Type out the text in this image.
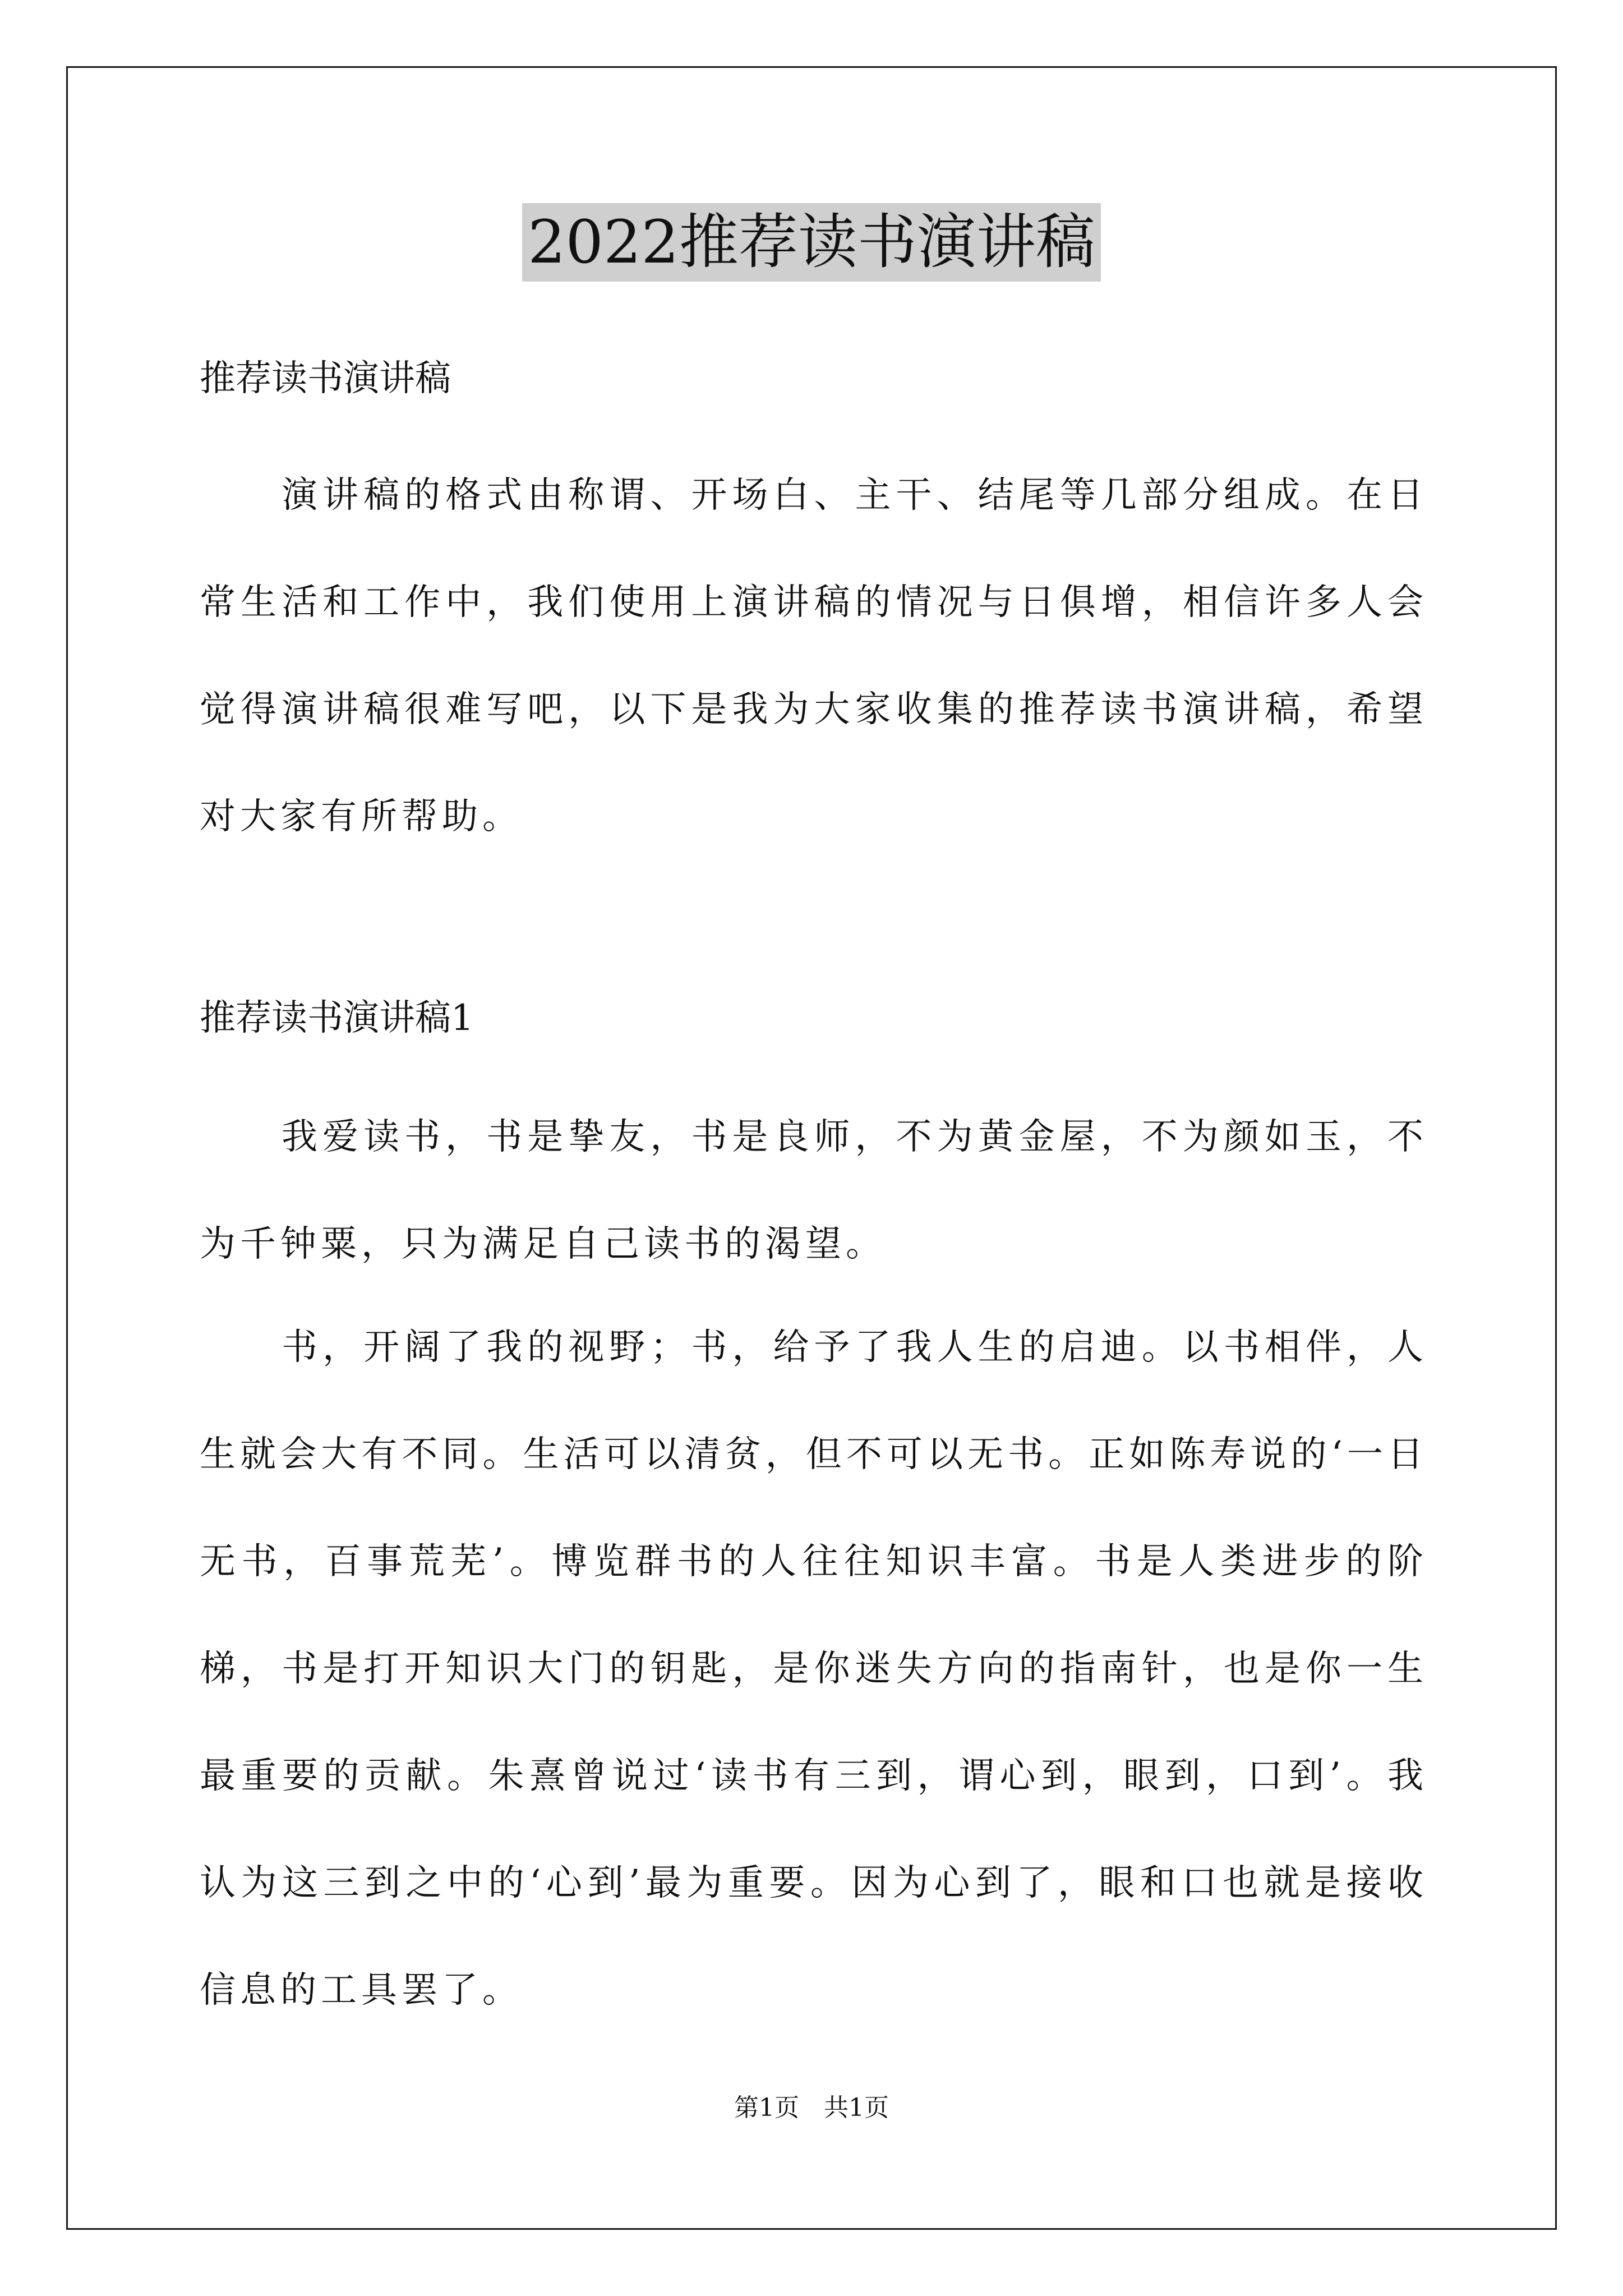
2022推荐读书演讲稿
推荐读书演讲稿
演讲稿的格式由称谓、开场白、主干、结尾等几部分组成。在日常生活和工作中，我们使用上演讲稿的情况与日俱增，相信许多人会觉得演讲稿很难写吧，以下是我为大家收集的推荐读书演讲稿，希望对大家有所帮助。
推荐读书演讲稿1
我爱读书，书是挚友，书是良师，不为黄金屋，不为颜如玉，不为千钟粟，只为满足自己读书的渴望。
书，开阔了我的视野；书，给予了我人生的启迪。以书相伴，人生就会大有不同。生活可以清贫，但不可以无书。正如陈寿说的‘一日无书，百事荒芜’。博览群书的人往往知识丰富。书是人类进步的阶梯，书是打开知识大门的钥匙，是你迷失方向的指南针，也是你一生最重要的贡献。朱熹曾说过‘读书有三到，谓心到，眼到，口到’。我认为这三到之中的‘心到’最为重要。因为心到了，眼和口也就是接收信息的工具罢了。
第1页　共1页
